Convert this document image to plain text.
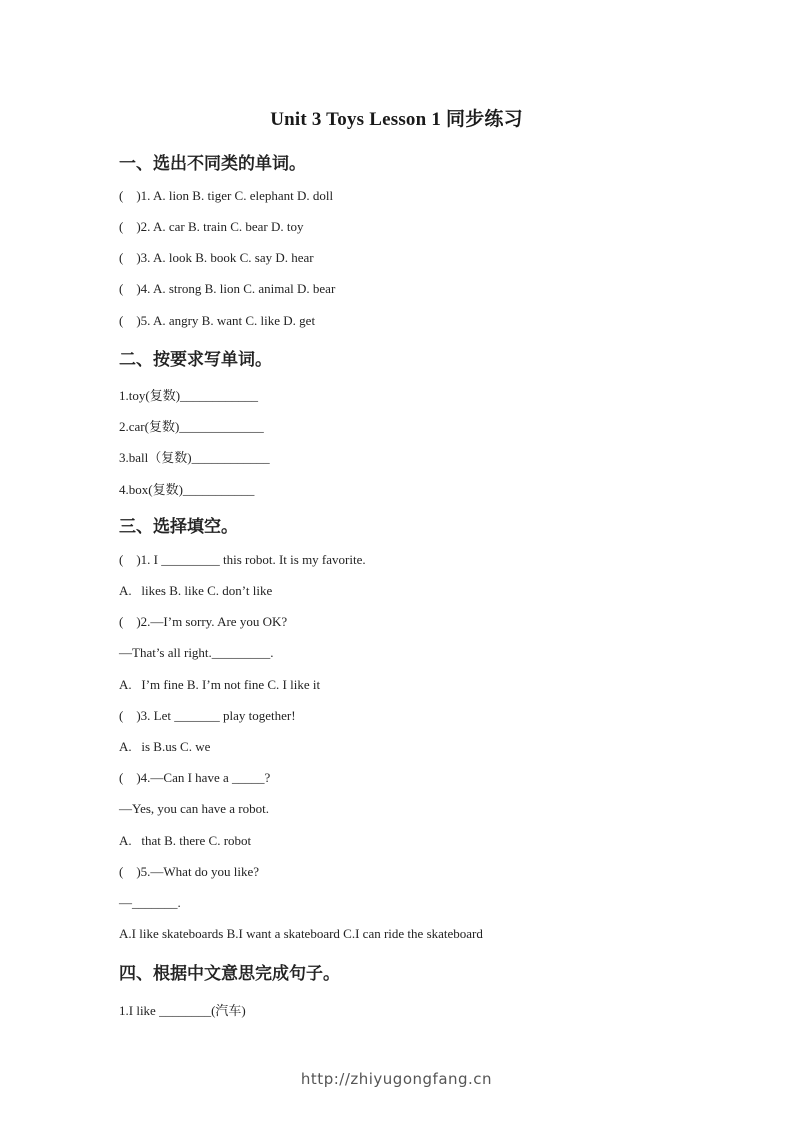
Unit 3 Toys Lesson 1 同步练习
一、选出不同类的单词。
(    )1. A. lion B. tiger C. elephant D. doll
(    )2. A. car B. train C. bear D. toy
(    )3. A. look B. book C. say D. hear
(    )4. A. strong B. lion C. animal D. bear
(    )5. A. angry B. want C. like D. get
二、按要求写单词。
1.toy(复数)____________
2.car(复数)_____________
3.ball（复数)____________
4.box(复数)___________
三、选择填空。
(    )1. I _________ this robot. It is my favorite.
A.   likes B. like C. don’t like
(    )2.—I’m sorry. Are you OK?
—That’s all right._________.
A.   I’m fine B. I’m not fine C. I like it
(    )3. Let _______ play together!
A.   is B.us C. we
(    )4.—Can I have a _____?
—Yes, you can have a robot.
A.   that B. there C. robot
(    )5.—What do you like?
—_______.
A.I like skateboards B.I want a skateboard C.I can ride the skateboard
四、根据中文意思完成句子。
1.I like ________(汽车)
http://zhiyugongfang.cn
